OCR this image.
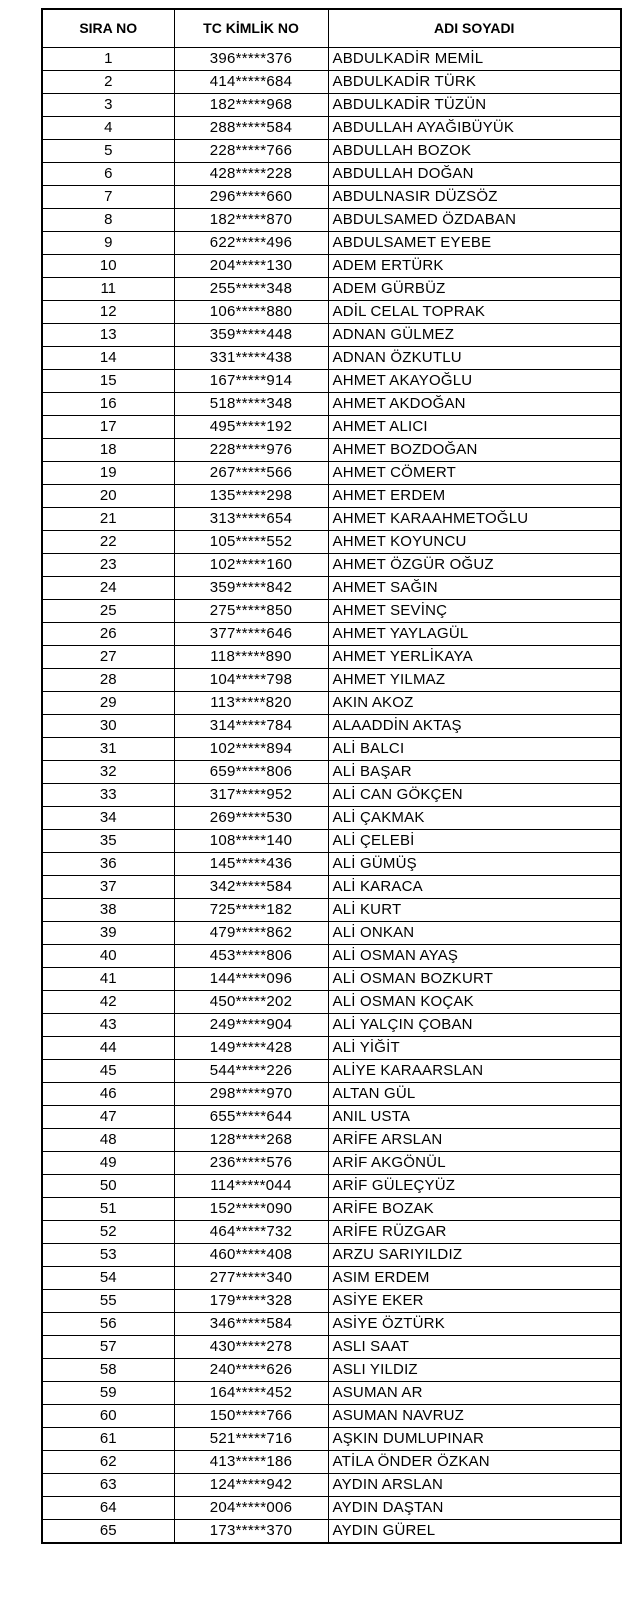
SIRA NO	TC KİMLİK NO	ADI SOYADI
1	396*****376	ABDULKADİR MEMİL
2	414*****684	ABDULKADİR TÜRK
3	182*****968	ABDULKADİR TÜZÜN
4	288*****584	ABDULLAH AYAĞIBÜYÜK
5	228*****766	ABDULLAH BOZOK
6	428*****228	ABDULLAH DOĞAN
7	296*****660	ABDULNASIR DÜZSÖZ
8	182*****870	ABDULSAMED ÖZDABAN
9	622*****496	ABDULSAMET EYEBE
10	204*****130	ADEM ERTÜRK
11	255*****348	ADEM GÜRBÜZ
12	106*****880	ADİL CELAL TOPRAK
13	359*****448	ADNAN GÜLMEZ
14	331*****438	ADNAN ÖZKUTLU
15	167*****914	AHMET AKAYOĞLU
16	518*****348	AHMET AKDOĞAN
17	495*****192	AHMET ALICI
18	228*****976	AHMET BOZDOĞAN
19	267*****566	AHMET CÖMERT
20	135*****298	AHMET ERDEM
21	313*****654	AHMET KARAAHMETOĞLU
22	105*****552	AHMET KOYUNCU
23	102*****160	AHMET ÖZGÜR OĞUZ
24	359*****842	AHMET SAĞIN
25	275*****850	AHMET SEVİNÇ
26	377*****646	AHMET YAYLAGÜL
27	118*****890	AHMET YERLİKAYA
28	104*****798	AHMET YILMAZ
29	113*****820	AKIN AKOZ
30	314*****784	ALAADDİN AKTAŞ
31	102*****894	ALİ BALCI
32	659*****806	ALİ BAŞAR
33	317*****952	ALİ CAN GÖKÇEN
34	269*****530	ALİ ÇAKMAK
35	108*****140	ALİ ÇELEBİ
36	145*****436	ALİ GÜMÜŞ
37	342*****584	ALİ KARACA
38	725*****182	ALİ KURT
39	479*****862	ALİ ONKAN
40	453*****806	ALİ OSMAN AYAŞ
41	144*****096	ALİ OSMAN BOZKURT
42	450*****202	ALİ OSMAN KOÇAK
43	249*****904	ALİ YALÇIN ÇOBAN
44	149*****428	ALİ YİĞİT
45	544*****226	ALİYE KARAARSLAN
46	298*****970	ALTAN GÜL
47	655*****644	ANIL USTA
48	128*****268	ARİFE ARSLAN
49	236*****576	ARİF AKGÖNÜL
50	114*****044	ARİF GÜLEÇYÜZ
51	152*****090	ARİFE BOZAK
52	464*****732	ARİFE RÜZGAR
53	460*****408	ARZU SARIYILDIZ
54	277*****340	ASIM ERDEM
55	179*****328	ASİYE EKER
56	346*****584	ASİYE ÖZTÜRK
57	430*****278	ASLI SAAT
58	240*****626	ASLI YILDIZ
59	164*****452	ASUMAN AR
60	150*****766	ASUMAN NAVRUZ
61	521*****716	AŞKIN DUMLUPINAR
62	413*****186	ATİLA ÖNDER ÖZKAN
63	124*****942	AYDIN ARSLAN
64	204*****006	AYDIN DAŞTAN
65	173*****370	AYDIN GÜREL
